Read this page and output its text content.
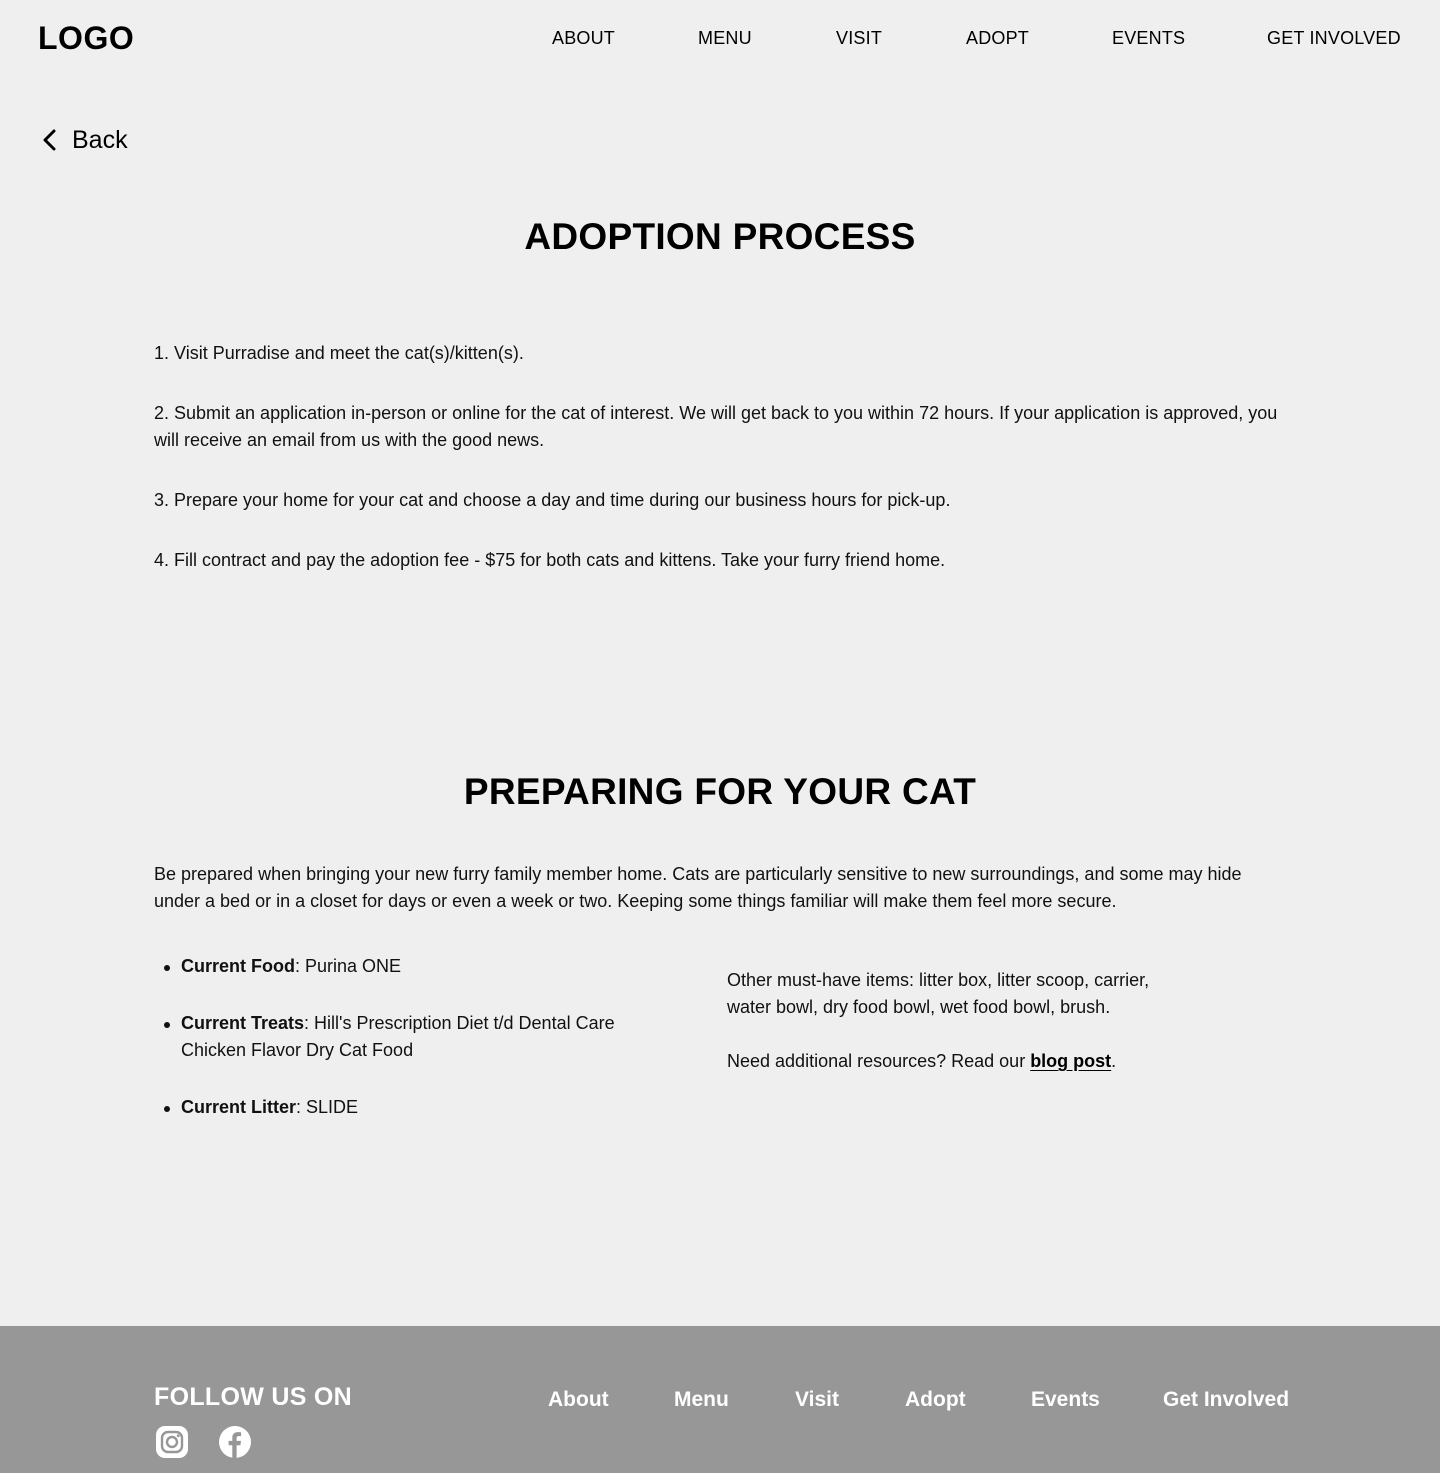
LOGO	ABOUT	MENU	VISIT	ADOPT	EVENTS	GET INVOLVED
Back
ADOPTION PROCESS

1. Visit Purradise and meet the cat(s)/kitten(s).

2. Submit an application in-person or online for the cat of interest. We will get back to you within 72 hours. If your application is approved, you will receive an email from us with the good news.

3. Prepare your home for your cat and choose a day and time during our business hours for pick-up.

4. Fill contract and pay the adoption fee - $75 for both cats and kittens. Take your furry friend home.

PREPARING FOR YOUR CAT

Be prepared when bringing your new furry family member home. Cats are particularly sensitive to new surroundings, and some may hide under a bed or in a closet for days or even a week or two. Keeping some things familiar will make them feel more secure.

Current Food: Purina ONE
Current Treats: Hill's Prescription Diet t/d Dental Care Chicken Flavor Dry Cat Food
Current Litter: SLIDE

Other must-have items: litter box, litter scoop, carrier, water bowl, dry food bowl, wet food bowl, brush.

Need additional resources? Read our blog post.

FOLLOW US ON	About	Menu	Visit	Adopt	Events	Get Involved
